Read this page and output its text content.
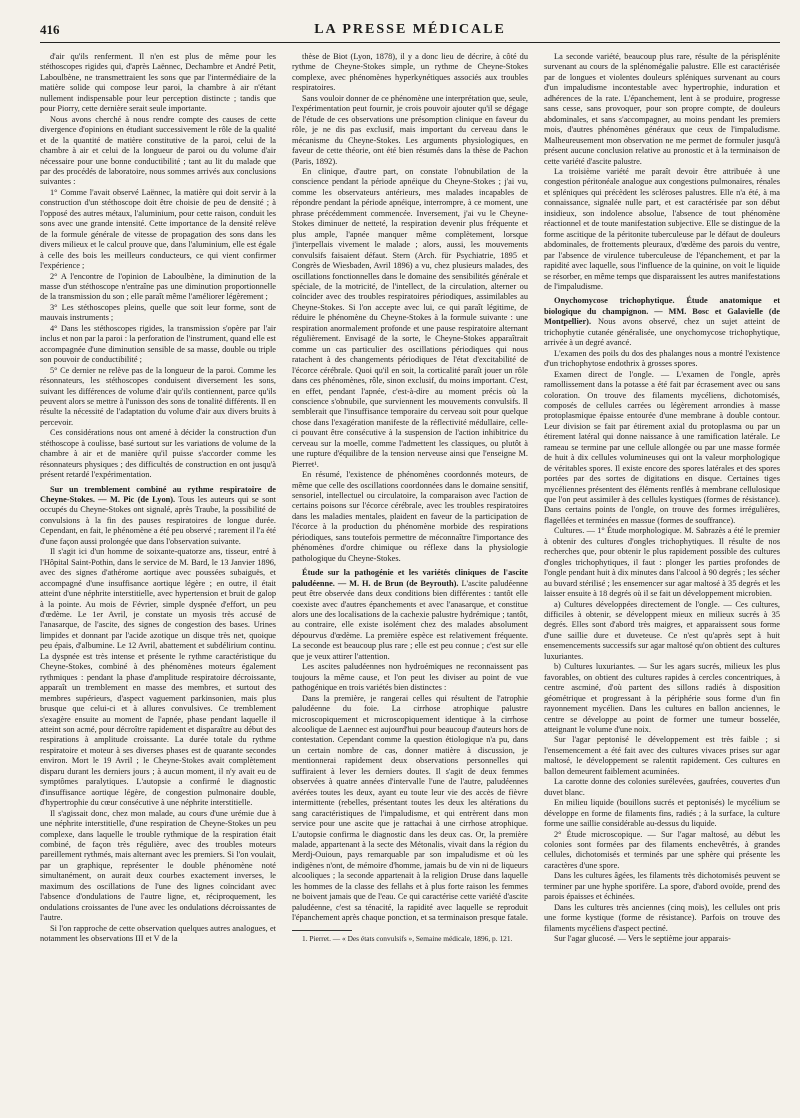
416	LA PRESSE MÉDICALE

d'air qu'ils renferment. Il n'en est plus de même pour les stéthoscopes rigides qui, d'après Laënnec, Dechambre et André Petit, Laboulbène, ne transmettraient les sons que par l'intermédiaire de la matière solide qui compose leur paroi, la chambre à air n'étant nullement indispensable pour leur perception distincte ; tandis que pour Piorry, cette dernière serait seule importante.

Nous avons cherché à nous rendre compte des causes de cette divergence d'opinions en étudiant successivement le rôle de la qualité et de la quantité de matière constitutive de la paroi, celui de la chambre à air et celui de la longueur de paroi ou du volume d'air nécessaire pour une bonne conductibilité ; tant au lit du malade que par des procédés de laboratoire, nous sommes arrivés aux conclusions suivantes :

1° Comme l'avait observé Laënnec, la matière qui doit servir à la construction d'un stéthoscope doit être choisie de peu de densité ; à l'opposé des autres métaux, l'aluminium, pour cette raison, conduit les sons avec une grande intensité. Cette importance de la densité relève de la formule générale de vitesse de propagation des sons dans les divers milieux et le calcul prouve que, dans l'aluminium, elle est égale à celle des bois les meilleurs conducteurs, ce qui vient confirmer l'expérience ;

2° A l'encontre de l'opinion de Laboulbène, la diminution de la masse d'un stéthoscope n'entraîne pas une diminution proportionnelle de la transmission du son ; elle paraît même l'améliorer légèrement ;

3° Les stéthoscopes pleins, quelle que soit leur forme, sont de mauvais instruments ;

4° Dans les stéthoscopes rigides, la transmission s'opère par l'air inclus et non par la paroi : la perforation de l'instrument, quand elle est accompagnée d'une diminution sensible de sa masse, double ou triple son pouvoir de conductibilité ;

5° Ce dernier ne relève pas de la longueur de la paroi. Comme les résonnateurs, les stéthoscopes conduisent diversement les sons, suivant les différences de volume d'air qu'ils contiennent, parce qu'ils peuvent alors se mettre à l'unisson des sons de tonalité différents. Il en résulte la nécessité de l'adaptation du volume d'air aux divers bruits à percevoir.

Ces considérations nous ont amené à décider la construction d'un stéthoscope à coulisse, basé surtout sur les variations de volume de la chambre à air et de manière qu'il puisse s'accorder comme les résonnateurs physiques ; des difficultés de construction en ont jusqu'à présent retardé l'expérimentation.

Sur un tremblement combiné au rythme respiratoire de Cheyne-Stokes. — M. Pic (de Lyon). Tous les auteurs qui se sont occupés du Cheyne-Stokes ont signalé, après Traube, la possibilité de convulsions à la fin des pauses respiratoires de longue durée. Cependant, en fait, le phénomène a été peu observé ; rarement il l'a été d'une façon aussi prolongée que dans l'observation suivante.

Il s'agit ici d'un homme de soixante-quatorze ans, tisseur, entré à l'Hôpital Saint-Pothin, dans le service de M. Bard, le 13 Janvier 1896, avec des signes d'athérome aortique avec poussées subaiguës, et accompagné d'une insuffisance aortique légère ; en outre, il était atteint d'une néphrite interstitielle, avec hypertension et bruit de galop à la pointe. Au mois de Février, simple dyspnée d'effort, un peu d'œdème. Le 1er Avril, je constate un myosis très accusé de l'anasarque, de l'ascite, des signes de congestion des bases. Urines limpides et donnant par l'acide azotique un disque très net, quoique peu épais, d'albumine. Le 12 Avril, abattement et subdélirium continu. La dyspnée est très intense et présente le rythme caractéristique du Cheyne-Stokes, combiné à des phénomènes moteurs également rythmiques : pendant la phase d'amplitude respiratoire décroissante, apparaît un tremblement en masse des membres, et surtout des membres supérieurs, d'aspect vaguement parkinsonien, mais plus brusque que celui-ci et à allures convulsives. Ce tremblement s'exagère ensuite au moment de l'apnée, phase pendant laquelle il atteint son acmé, pour décroître rapidement et disparaître au début des respirations à amplitude croissante. La durée totale du rythme respiratoire et moteur à ses diverses phases est de quarante secondes environ. Mort le 19 Avril ; le Cheyne-Stokes avait complètement disparu durant les derniers jours ; à aucun moment, il n'y avait eu de symptômes paralytiques. L'autopsie a confirmé le diagnostic d'insuffisance aortique légère, de congestion pulmonaire double, d'hypertrophie du cœur consécutive à une néphrite interstitielle.

Il s'agissait donc, chez mon malade, au cours d'une urémie due à une néphrite interstitielle, d'une respiration de Cheyne-Stokes un peu complexe, dans laquelle le trouble rythmique de la respiration était combiné, de façon très régulière, avec des troubles moteurs pareillement rythmés, mais alternant avec les premiers. Si l'on voulait, par un graphique, représenter le double phénomène noté simultanément, on aurait deux courbes exactement inverses, le maximum des oscillations de l'une des lignes coïncidant avec l'absence d'ondulations de l'autre ligne, et, réciproquement, les ondulations croissantes de l'une avec les ondulations décroissantes de l'autre.

Si l'on rapproche de cette observation quelques autres analogues, et notamment les observations III et V de la

thèse de Biot (Lyon, 1878), il y a donc lieu de décrire, à côté du rythme de Cheyne-Stokes simple, un rythme de Cheyne-Stokes complexe, avec phénomènes hyperkynétiques associés aux troubles respiratoires.

Sans vouloir donner de ce phénomène une interprétation que, seule, l'expérimentation peut fournir, je crois pouvoir ajouter qu'il se dégage de l'étude de ces observations une présomption clinique en faveur du rôle, je ne dis pas exclusif, mais important du cerveau dans le mécanisme du Cheyne-Stokes. Les arguments physiologiques, en faveur de cette théorie, ont été bien résumés dans la thèse de Pachon (Paris, 1892).

En clinique, d'autre part, on constate l'obnubilation de la conscience pendant la période apnéique du Cheyne-Stokes ; j'ai vu, comme les observateurs antérieurs, mes malades incapables de répondre pendant la période apnéique, interrompre, à ce moment, une phrase précédemment commencée. Inversement, j'ai vu le Cheyne-Stokes diminuer de netteté, la respiration devenir plus fréquente et plus ample, l'apnée manquer même complètement, lorsque j'interpellais vivement le malade ; alors, aussi, les mouvements convulsifs faisaient défaut. Stern (Arch. für Psychiatrie, 1895 et Congrès de Wiesbaden, Avril 1896) a vu, chez plusieurs malades, des oscillations fonctionnelles dans le domaine des sensibilités générale et spéciale, de la motricité, de l'intellect, de la circulation, alterner ou coïncider avec des troubles respiratoires périodiques, assimilables au Cheyne-Stokes. Si l'on accepte avec lui, ce qui paraît légitime, de réduire le phénomène du Cheyne-Stokes à la formule suivante : une respiration anormalement profonde et une pause respiratoire alternant régulièrement. Envisagé de la sorte, le Cheyne-Stokes apparaîtrait comme un cas particulier des oscillations périodiques qui nous ratachent à des changements périodiques de l'état d'excitabilité de l'écorce cérébrale. Quoi qu'il en soit, la corticalité paraît jouer un rôle dans ces phénomènes, rôle, sinon exclusif, du moins important. C'est, en effet, pendant l'apnée, c'est-à-dire au moment précis où la conscience s'obnubile, que surviennent les mouvements convulsifs. Il semblerait que l'insuffisance temporaire du cerveau soit pour quelque chose dans l'exagération manifeste de la réflectivité médullaire, celle-ci pouvant être consécutive à la suspension de l'action inhibitrice du cerveau sur la moelle, comme l'admettent les classiques, ou plutôt à une rupture d'équilibre de la tension nerveuse ainsi que l'enseigne M. Pierret¹.

En résumé, l'existence de phénomènes coordonnés moteurs, de même que celle des oscillations coordonnées dans le domaine sensitif, sensoriel, intellectuel ou circulatoire, la comparaison avec l'action de certains poisons sur l'écorce cérébrale, avec les troubles respiratoires dans les maladies mentales, plaident en faveur de la participation de l'écorce à la production du phénomène morbide des respirations périodiques, sans toutefois permettre de méconnaître l'importance des phénomènes d'ordre chimique ou réflexe dans la physiologie pathologique du Cheyne-Stokes.

Étude sur la pathogénie et les variétés cliniques de l'ascite paludéenne. — M. H. de Brun (de Beyrouth). L'ascite paludéenne peut être observée dans deux conditions bien différentes : tantôt elle coexiste avec d'autres épanchements et avec l'anasarque, et constitue alors une des localisations de la cachexie palustre hydrémique ; tantôt, au contraire, elle existe isolément chez des malades absolument dépourvus d'œdème. La première espèce est relativement fréquente. La seconde est beaucoup plus rare ; elle est peu connue ; c'est sur elle que je veux attirer l'attention.

Les ascites paludéennes non hydroémiques ne reconnaissent pas toujours la même cause, et l'on peut les diviser au point de vue pathogénique en trois variétés bien distinctes :

Dans la première, je rangerai celles qui résultent de l'atrophie paludéenne du foie. La cirrhose atrophique palustre microscopiquement et microscopiquement identique à la cirrhose alcoolique de Laennec est aujourd'hui pour beaucoup d'auteurs hors de contestation. Cependant comme la question étiologique n'a pu, dans un certain nombre de cas, donner matière à discussion, je mentionnerai rapidement deux observations personnelles qui suffiraient à lever les derniers doutes. Il s'agit de deux femmes observées à quatre années d'intervalle l'une de l'autre, paludéennes avérées toutes les deux, ayant eu toute leur vie des accès de fièvre intermittente (rebelles, présentant toutes les deux les altérations du sang caractéristiques de l'impaludisme, et qui entrèrent dans mon service pour une ascite que je rattachai à une cirrhose atrophique. L'autopsie confirma le diagnostic dans les deux cas. Or, la première malade, appartenant à la secte des Métonalis, vivait dans la région du Merdj-Ouioun, pays remarquable par son impaludisme et où les indigènes n'ont, de mémoire d'homme, jamais bu de vin ni de liqueurs alcooliques ; la seconde appartenait à la religion Druse dans laquelle les hommes de la classe des fellahs et à plus forte raison les femmes ne boivent jamais que de l'eau. Ce qui caractérise cette variété d'ascite paludéenne, c'est sa ténacité, la rapidité avec laquelle se reproduit l'épanchement après chaque ponction, et sa terminaison presque fatale.

1. Pierret. — « Des états convulsifs », Semaine médicale, 1896, p. 121.

La seconde variété, beaucoup plus rare, résulte de la périsplénite survenant au cours de la splénomégalie palustre. Elle est caractérisée par de longues et violentes douleurs spléniques survenant au cours d'un impaludisme incontestable avec hypertrophie, induration et adhérences de la rate. L'épanchement, lent à se produire, progresse sans cesse, sans provoquer, pour son propre compte, de douleurs abdominales, et sans s'accompagner, au moins pendant les premiers mois, d'autres phénomènes généraux que ceux de l'impaludisme. Malheureusement mon observation ne me permet de formuler jusqu'à présent aucune conclusion relative au pronostic et à la terminaison de cette variété d'ascite palustre.

La troisième variété me paraît devoir être attribuée à une congestion péritonéale analogue aux congestions pulmonaires, rénales et spléniques qui précèdent les scléroses palustres. Elle n'a été, à ma connaissance, signalée nulle part, et est caractérisée par son début insidieux, son indolence absolue, l'absence de tout phénomène réactionnel et de toute manifestation subjective. Elle se distingue de la forme ascitique de la péritonite tuberculeuse par le défaut de douleurs abdominales, de frottements pleuraux, d'œdème des parois du ventre, par l'absence de virulence tuberculeuse de l'épanchement, et par la rapidité avec laquelle, sous l'influence de la quinine, on voit le liquide se résorber, en même temps que disparaissent les autres manifestations de l'impaludisme.

Onychomycose trichophytique. Étude anatomique et biologique du champignon. — MM. Bosc et Galavielle (de Montpellier). Nous avons observé, chez un sujet atteint de trichophytie cutanée généralisée, une onychomycose trichophytique, arrivée à un degré avancé.

L'examen des poils du dos des phalanges nous a montré l'existence d'un trichophytose endothrix à grosses spores.

Examen direct de l'ongle. — L'examen de l'ongle, après ramollissement dans la potasse a été fait par écrasement avec ou sans coloration. On trouve des filaments mycéliens, dichotomisés, composés de cellules carrées ou légèrement arrondies à masse protoplasmique épaisse entourée d'une membrane à double contour. Leur division se fait par étirement axial du protoplasma ou par un étirement latéral qui donne naissance à une ramification latérale. Le rameau se termine par une cellule allongée ou par une masse formée de huit à dix cellules volumineuses qui ont la valeur morphologique de véritables spores. Il existe encore des spores latérales et des spores portées par des sortes de digitations en disque. Certaines tiges mycéliennes présentent des éléments renflés à membrane cellulosique que l'on peut assimiler à des cellules kystiques (formes de résistance). Dans certains points de l'ongle, on trouve des formes irrégulières, flagellées et terminées en massue (formes de souffrance).

Cultures. — 1° Étude morphologique. M. Sabrazès a été le premier à obtenir des cultures d'ongles trichophytiques. Il résulte de nos recherches que, pour obtenir le plus rapidement possible des cultures d'ongles trichophytiques, il faut : plonger les parties profondes de l'ongle pendant huit à dix minutes dans l'alcool à 90 degrés ; les sécher au buvard stérilisé ; les ensemencer sur agar maltosé à 35 degrés et les laisser ensuite à 18 degrés où il se fait un développement microbien.

a) Cultures développées directement de l'ongle. — Ces cultures, difficiles à obtenir, se développent mieux en milieux sucrés à 35 degrés. Elles sont d'abord très maigres, et apparaissent sous forme d'une saillie dure et duveteuse. Ce n'est qu'après sept à huit ensemencements successifs sur agar maltosé qu'on obtient des cultures luxuriantes.

b) Cultures luxuriantes. — Sur les agars sucrés, milieux les plus favorables, on obtient des cultures rapides à cercles concentriques, à centre ascminé, d'où partent des sillons radiés à disposition géométrique et progressant à la périphérie sous forme d'un fin rayonnement mycélien. Dans les cultures en ballon anciennes, le centre se développe au point de former une tumeur bosselée, atteignant le volume d'une noix.

Sur l'agar peptonisé le développement est très faible ; si l'ensemencement a été fait avec des cultures vivaces prises sur agar maltosé, le développement se ralentit rapidement. Ces cultures en ballon demeurent faiblement acuminées.

La carotte donne des colonies surélevées, gaufrées, couvertes d'un duvet blanc.

En milieu liquide (bouillons sucrés et peptonisés) le mycélium se développe en forme de filaments fins, radiés ; à la surface, la culture forme une saillie considérable au-dessus du liquide.

2° Étude microscopique. — Sur l'agar maltosé, au début les colonies sont formées par des filaments enchevêtrés, à grandes cellules, dichotomisés et terminés par une sphère qui présente les caractères d'une spore.

Dans les cultures âgées, les filaments très dichotomisés peuvent se terminer par une hyphe sporifère. La spore, d'abord ovoïde, prend des parois épaisses et échinées.

Dans les cultures très anciennes (cinq mois), les cellules ont pris une forme kystique (forme de résistance). Parfois on trouve des filaments mycéliens d'aspect pectiné.

Sur l'agar glucosé. — Vers le septième jour apparais-
